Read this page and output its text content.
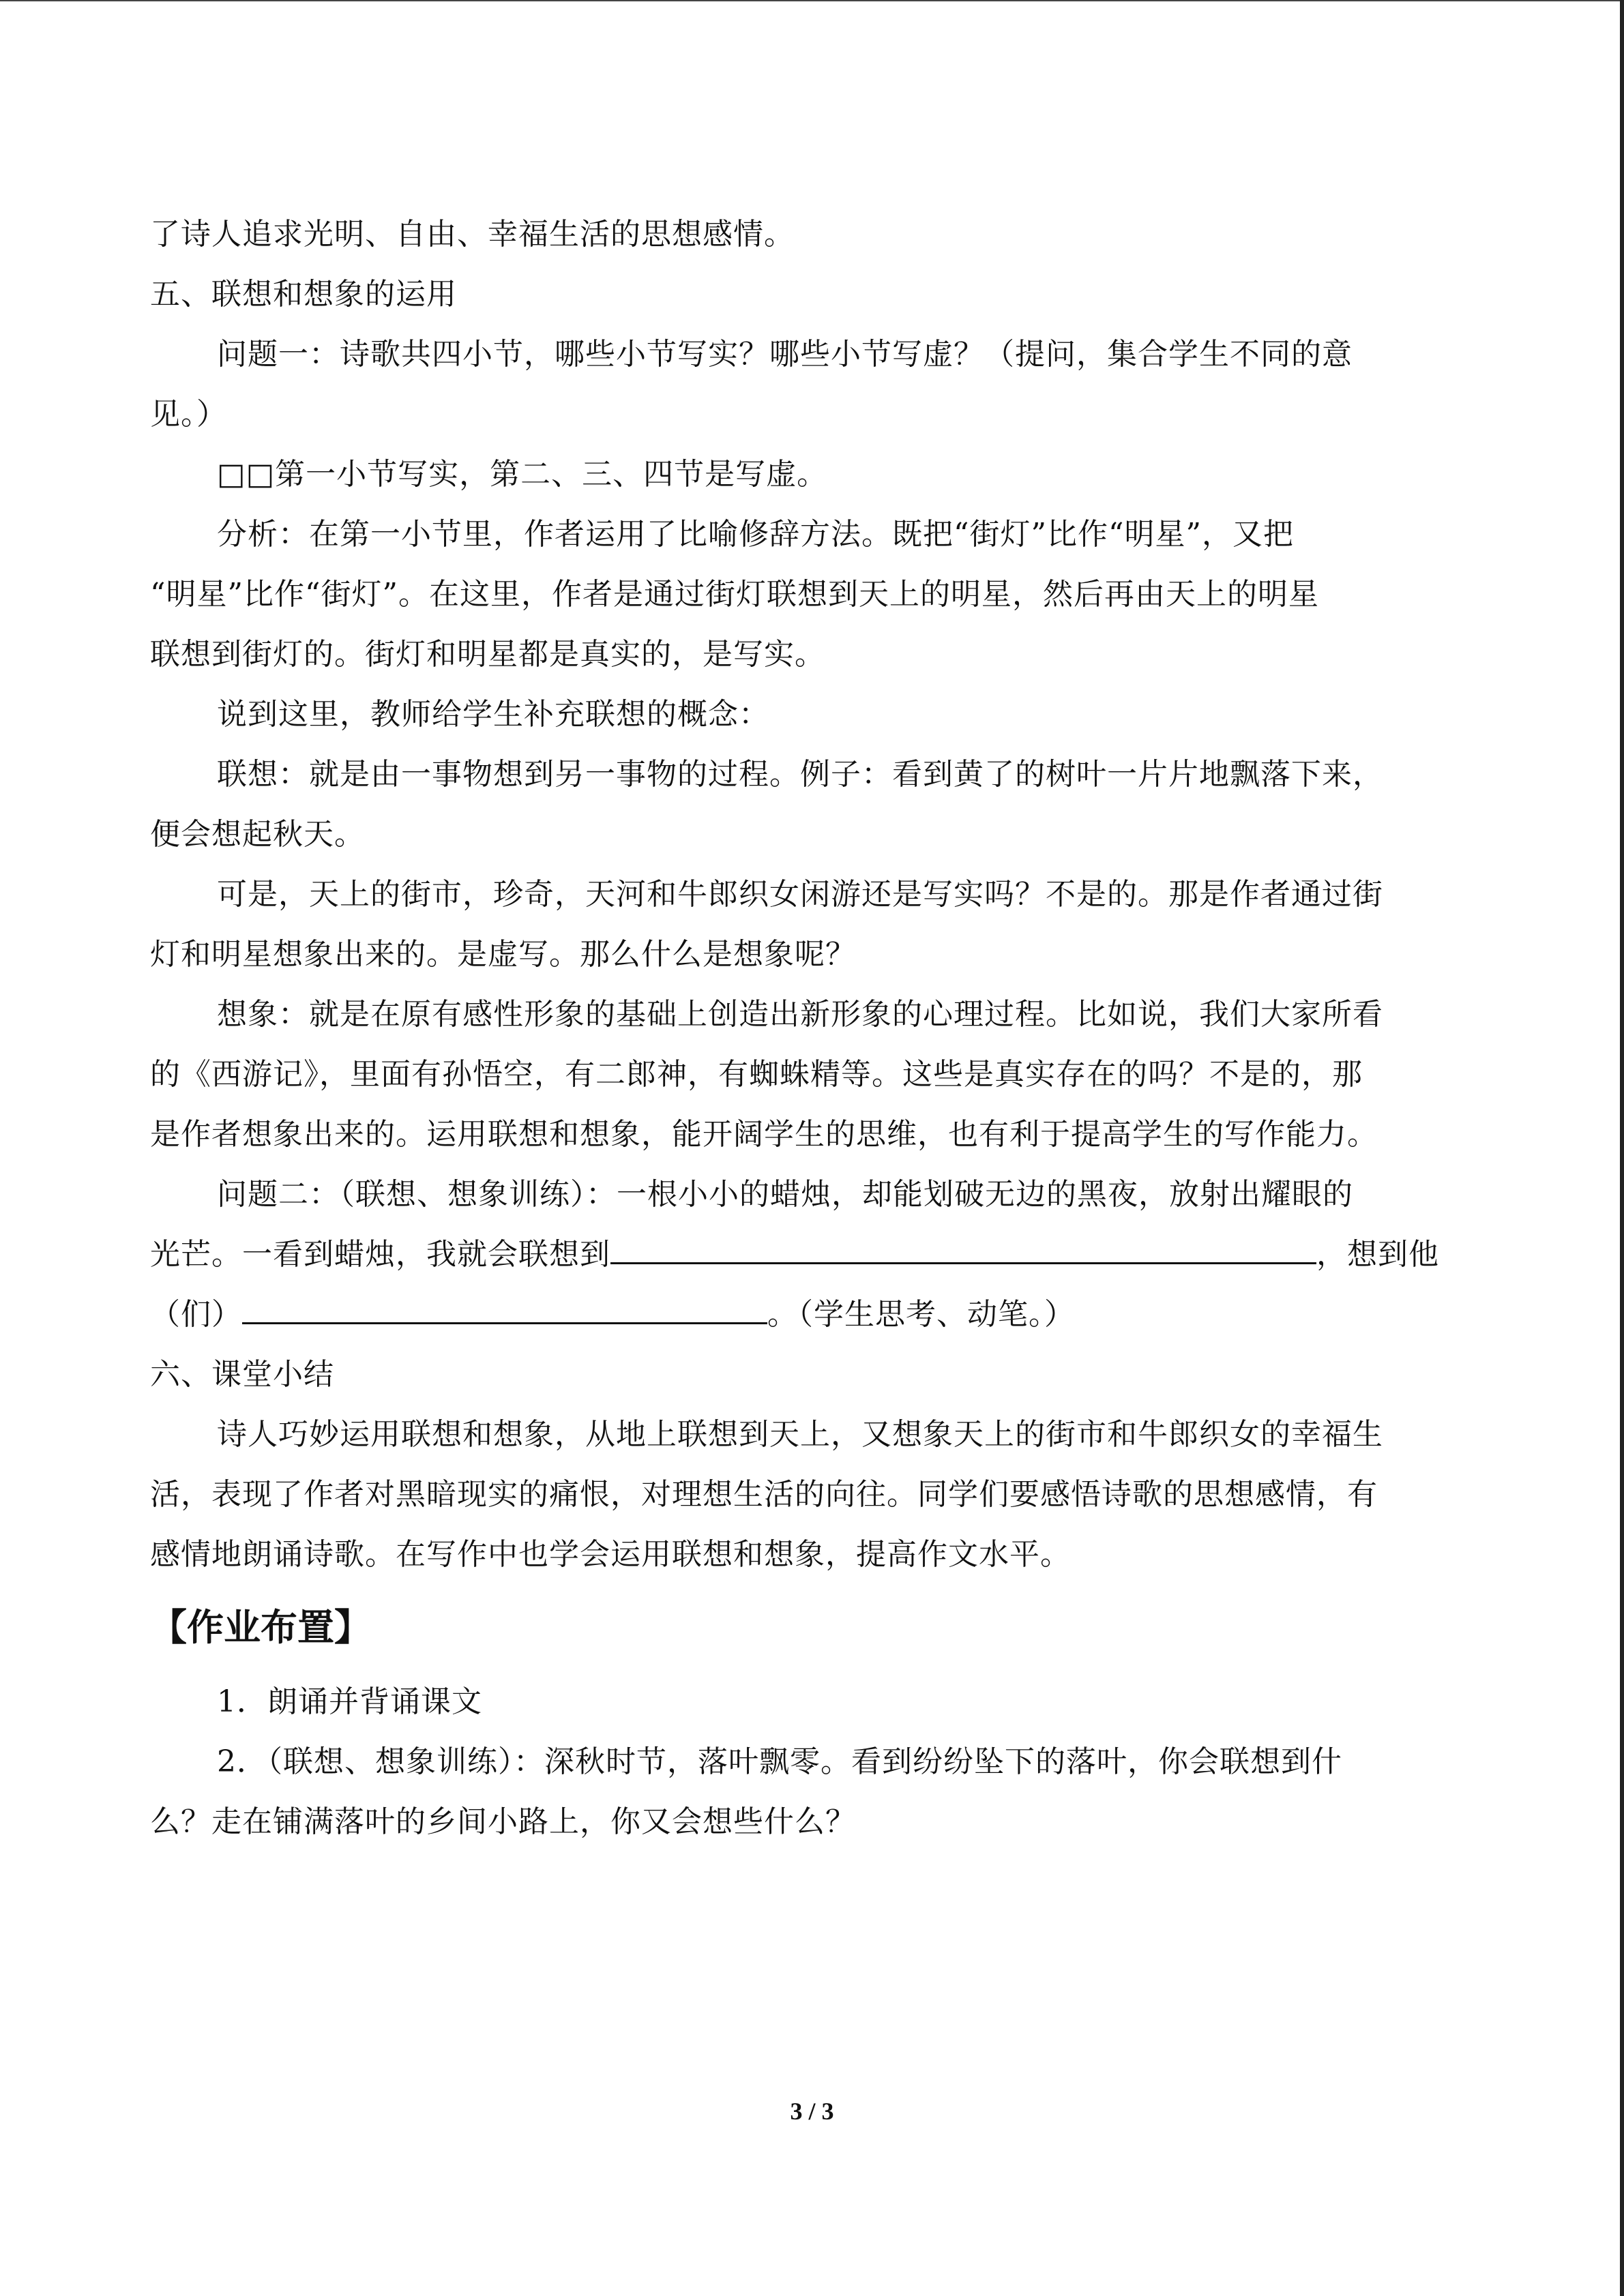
了诗人追求光明、自由、幸福生活的思想感情。
五、联想和想象的运用
问题一：诗歌共四小节，哪些小节写实？哪些小节写虚？（提问，集合学生不同的意
见。）
□□第一小节写实，第二、三、四节是写虚。
分析：在第一小节里，作者运用了比喻修辞方法。既把“街灯”比作“明星”，又把
“明星”比作“街灯”。在这里，作者是通过街灯联想到天上的明星，然后再由天上的明星
联想到街灯的。街灯和明星都是真实的，是写实。
说到这里，教师给学生补充联想的概念：
联想：就是由一事物想到另一事物的过程。例子：看到黄了的树叶一片片地飘落下来，
便会想起秋天。
可是，天上的街市，珍奇，天河和牛郎织女闲游还是写实吗？不是的。那是作者通过街
灯和明星想象出来的。是虚写。那么什么是想象呢？
想象：就是在原有感性形象的基础上创造出新形象的心理过程。比如说，我们大家所看
的《西游记》，里面有孙悟空，有二郎神，有蜘蛛精等。这些是真实存在的吗？不是的，那
是作者想象出来的。运用联想和想象，能开阔学生的思维，也有利于提高学生的写作能力。
问题二：（联想、想象训练）：一根小小的蜡烛，却能划破无边的黑夜，放射出耀眼的
光芒。一看到蜡烛，我就会联想到	，想到他
（们）	。（学生思考、动笔。）
六、课堂小结
诗人巧妙运用联想和想象，从地上联想到天上，又想象天上的街市和牛郎织女的幸福生
活，表现了作者对黑暗现实的痛恨，对理想生活的向往。同学们要感悟诗歌的思想感情，有
感情地朗诵诗歌。在写作中也学会运用联想和想象，提高作文水平。
【作业布置】
1．朗诵并背诵课文
2．（联想、想象训练）：深秋时节，落叶飘零。看到纷纷坠下的落叶，你会联想到什
么？走在铺满落叶的乡间小路上，你又会想些什么？
3 / 3
